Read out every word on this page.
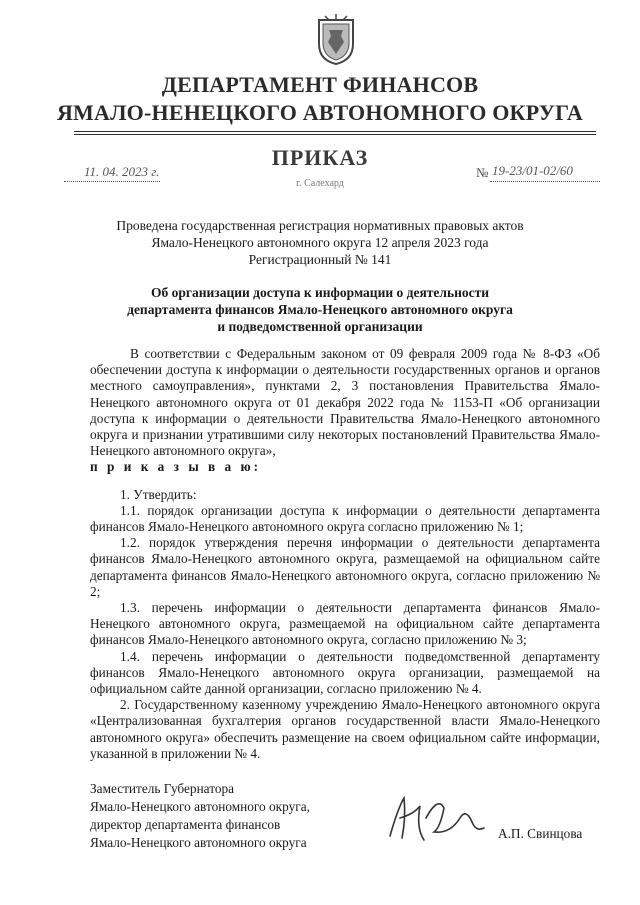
ДЕПАРТАМЕНТ ФИНАНСОВ
ЯМАЛО-НЕНЕЦКОГО АВТОНОМНОГО ОКРУГА
ПРИКАЗ
11. 04. 2023 г.	№ 19-23/01-02/60
г. Салехард
Проведена государственная регистрация нормативных правовых актов
Ямало-Ненецкого автономного округа 12 апреля 2023 года
Регистрационный № 141
Об организации доступа к информации о деятельности
департамента финансов Ямало-Ненецкого автономного округа
и подведомственной организации

В соответствии с Федеральным законом от 09 февраля 2009 года № 8-ФЗ «Об обеспечении доступа к информации о деятельности государственных органов и органов местного самоуправления», пунктами 2, 3 постановления Правительства Ямало-Ненецкого автономного округа от 01 декабря 2022 года № 1153-П «Об организации доступа к информации о деятельности Правительства Ямало-Ненецкого автономного округа и признании утратившими силу некоторых постановлений Правительства Ямало-Ненецкого автономного округа»,

п р и к а з ы в а ю:

1. Утвердить:

1.1. порядок организации доступа к информации о деятельности департамента финансов Ямало-Ненецкого автономного округа согласно приложению № 1;

1.2. порядок утверждения перечня информации о деятельности департамента финансов Ямало-Ненецкого автономного округа, размещаемой на официальном сайте департамента финансов Ямало-Ненецкого автономного округа, согласно приложению № 2;

1.3. перечень информации о деятельности департамента финансов Ямало-Ненецкого автономного округа, размещаемой на официальном сайте департамента финансов Ямало-Ненецкого автономного округа, согласно приложению № 3;

1.4. перечень информации о деятельности подведомственной департаменту финансов Ямало-Ненецкого автономного округа организации, размещаемой на официальном сайте данной организации, согласно приложению № 4.

2. Государственному казенному учреждению Ямало-Ненецкого автономного округа «Централизованная бухгалтерия органов государственной власти Ямало-Ненецкого автономного округа» обеспечить размещение на своем официальном сайте информации, указанной в приложении № 4.

Заместитель Губернатора
Ямало-Ненецкого автономного округа,
директор департамента финансов
Ямало-Ненецкого автономного округа
А.П. Свинцова
